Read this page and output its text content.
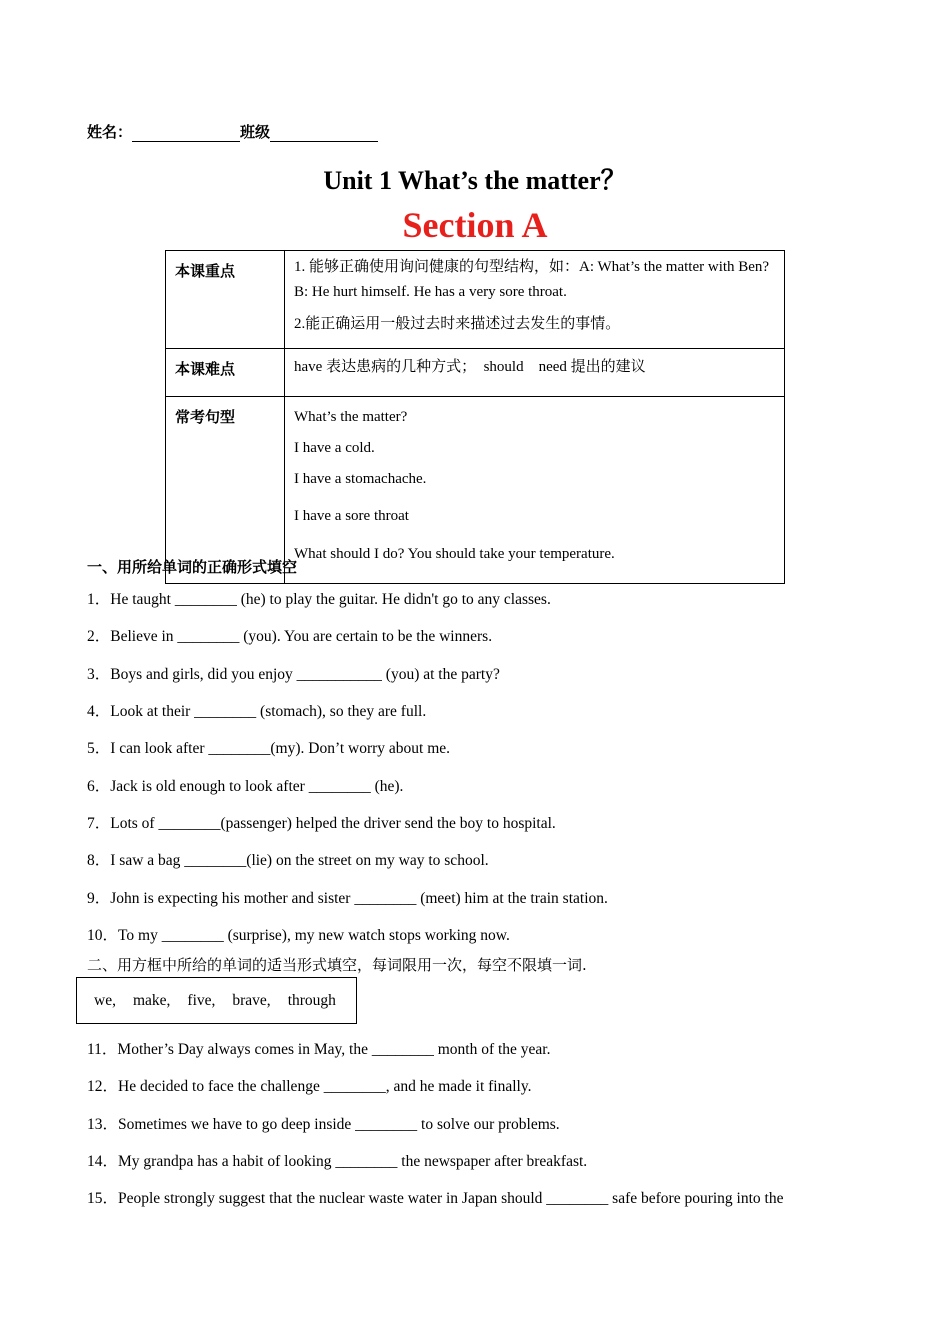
姓名：	班级
Unit 1 What’s the matter？
Section A
本课重点	1. 能够正确使用询问健康的句型结构，如：A: What’s the matter with Ben? B: He hurt himself. He has a very sore throat.

2.能正确运用一般过去时来描述过去发生的事情。

本课难点	have 表达患病的几种方式；　should　need 提出的建议

常考句型	What’s the matter?

I have a cold.

I have a stomachache.

I have a sore throat

What should I do? You should take your temperature.

一、用所给单词的正确形式填空
1．He taught ________ (he) to play the guitar. He didn't go to any classes.
2．Believe in ________ (you). You are certain to be the winners.
3．Boys and girls, did you enjoy ___________ (you) at the party?
4．Look at their ________ (stomach), so they are full.
5．I can look after ________(my). Don’t worry about me.
6．Jack is old enough to look after ________ (he).
7．Lots of ________(passenger) helped the driver send the boy to hospital.
8．I saw a bag ________(lie) on the street on my way to school.
9．John is expecting his mother and sister ________ (meet) him at the train station.
10．To my ________ (surprise), my new watch stops working now.
二、用方框中所给的单词的适当形式填空，每词限用一次，每空不限填一词.
we, make, five, brave, through
11．Mother’s Day always comes in May, the ________ month of the year.
12．He decided to face the challenge ________, and he made it finally.
13．Sometimes we have to go deep inside ________ to solve our problems.
14．My grandpa has a habit of looking ________ the newspaper after breakfast.
15．People strongly suggest that the nuclear waste water in Japan should ________ safe before pouring into the
